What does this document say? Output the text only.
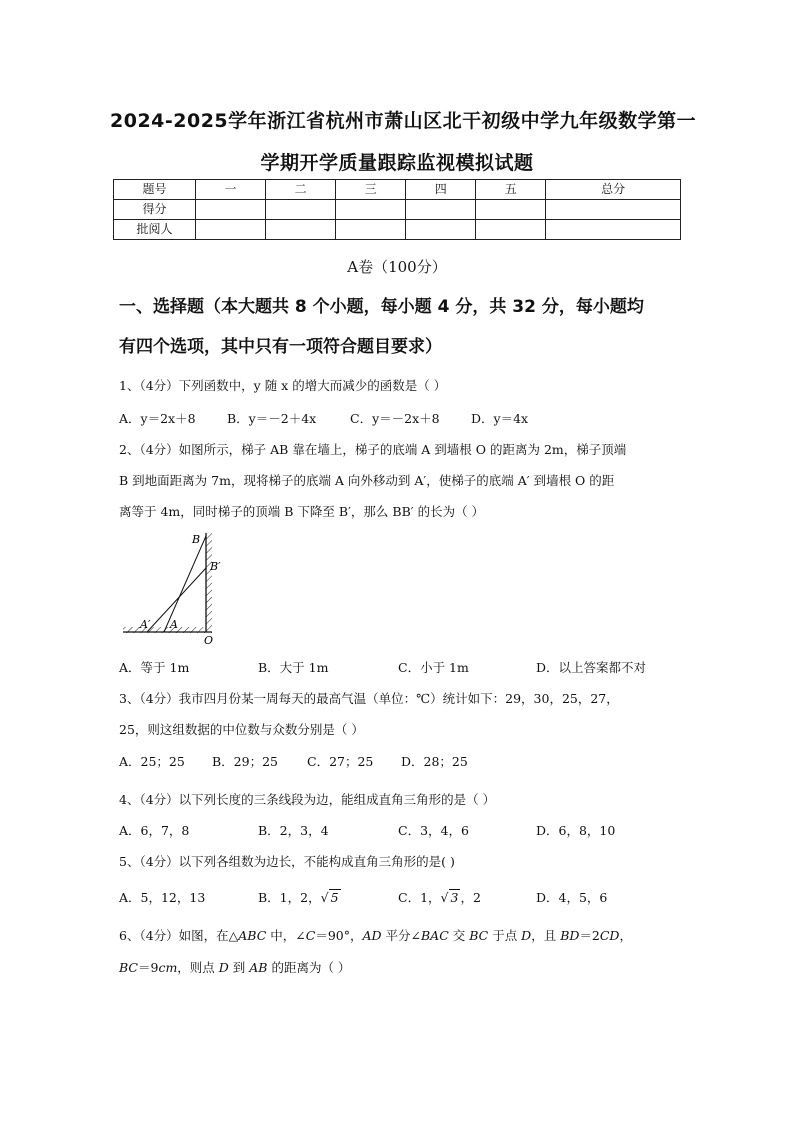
2024-2025学年浙江省杭州市萧山区北干初级中学九年级数学第一
学期开学质量跟踪监视模拟试题
题号	一	二	三	四	五	总分
得分						
批阅人						
A卷（100分）
一、选择题（本大题共 8 个小题，每小题 4 分，共 32 分，每小题均
有四个选项，其中只有一项符合题目要求）
1、（4分）下列函数中，y 随 x 的增大而减少的函数是（ ）
A．y＝2x＋8	B．y＝－2＋4x	C．y＝－2x＋8	D．y＝4x
2、（4分）如图所示，梯子 AB 靠在墙上，梯子的底端 A 到墙根 O 的距离为 2m，梯子顶端
B 到地面距离为 7m，现将梯子的底端 A 向外移动到 A′，使梯子的底端 A′ 到墙根 O 的距
离等于 4m，同时梯子的顶端 B 下降至 B′，那么 BB′ 的长为（ ）
B
B′
A′ A
O
A．等于 1m	B．大于 1m	C．小于 1m	D．以上答案都不对
3、（4分）我市四月份某一周每天的最高气温（单位：℃）统计如下：29，30，25，27，
25，则这组数据的中位数与众数分别是（ ）
A．25；25 B．29；25 C．27；25 D．28；25
4、（4分）以下列长度的三条线段为边，能组成直角三角形的是（ ）
A．6，7，8	B．2，3，4	C．3，4，6	D．6，8，10
5、（4分）以下列各组数为边长，不能构成直角三角形的是( )
A．5，12，13	B．1，2，√ 5	C．1，√ 3 ，2	D．4，5，6
6、（4分）如图，在△ABC 中，∠C＝90°，AD 平分∠BAC 交 BC 于点 D，且 BD＝2CD，
BC＝9cm，则点 D 到 AB 的距离为（ ）
